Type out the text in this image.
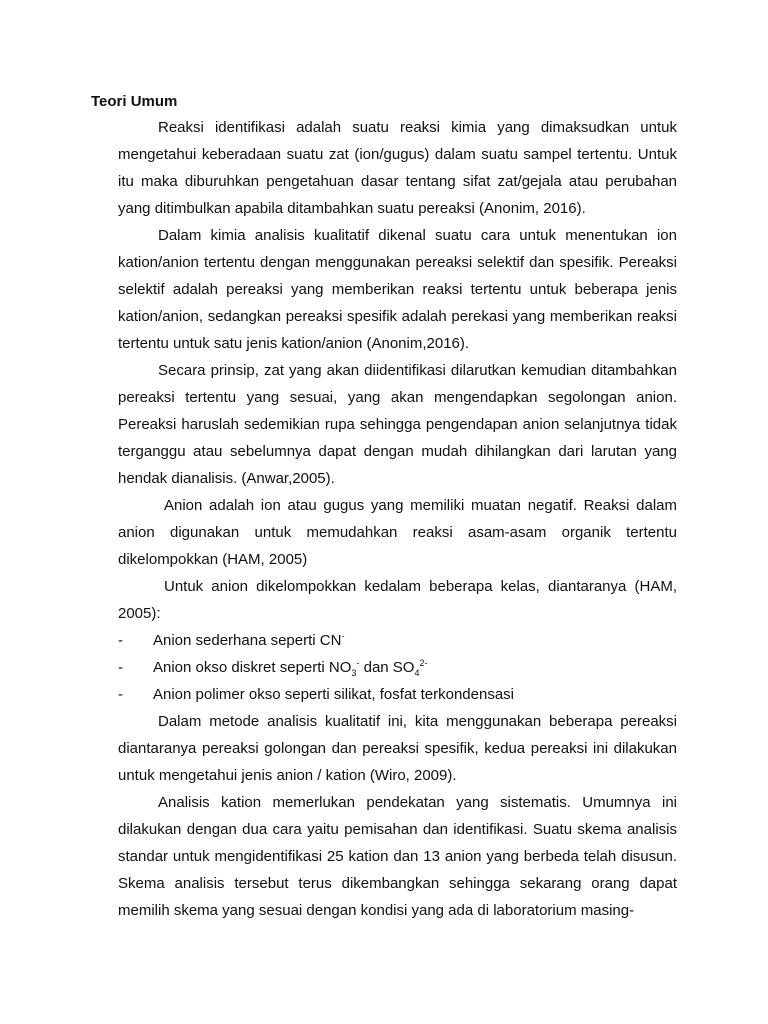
Teori Umum

Reaksi identifikasi adalah suatu reaksi kimia yang dimaksudkan untuk mengetahui keberadaan suatu zat (ion/gugus) dalam suatu sampel tertentu. Untuk itu maka diburuhkan pengetahuan dasar tentang sifat zat/gejala atau perubahan yang ditimbulkan apabila ditambahkan suatu pereaksi (Anonim, 2016).

Dalam kimia analisis kualitatif dikenal suatu cara untuk menentukan ion kation/anion tertentu dengan menggunakan pereaksi selektif dan spesifik. Pereaksi selektif adalah pereaksi yang memberikan reaksi tertentu untuk beberapa jenis kation/anion, sedangkan pereaksi spesifik adalah perekasi yang memberikan reaksi tertentu untuk satu jenis kation/anion (Anonim,2016).

Secara prinsip, zat yang akan diidentifikasi dilarutkan kemudian ditambahkan pereaksi tertentu yang sesuai, yang akan mengendapkan segolongan anion. Pereaksi haruslah sedemikian rupa sehingga pengendapan anion selanjutnya tidak terganggu atau sebelumnya dapat dengan mudah dihilangkan dari larutan yang hendak dianalisis. (Anwar,2005).

Anion adalah ion atau gugus yang memiliki muatan negatif. Reaksi dalam anion digunakan untuk memudahkan reaksi asam-asam organik tertentu dikelompokkan (HAM, 2005)

Untuk anion dikelompokkan kedalam beberapa kelas, diantaranya (HAM, 2005):

-	Anion sederhana seperti CN-
-	Anion okso diskret seperti $NO_3^-$ dan $SO_4^{2-}$
-	Anion polimer okso seperti silikat, fosfat terkondensasi

Dalam metode analisis kualitatif ini, kita menggunakan beberapa pereaksi diantaranya pereaksi golongan dan pereaksi spesifik, kedua pereaksi ini dilakukan untuk mengetahui jenis anion / kation (Wiro, 2009).

Analisis kation memerlukan pendekatan yang sistematis. Umumnya ini dilakukan dengan dua cara yaitu pemisahan dan identifikasi. Suatu skema analisis standar untuk mengidentifikasi 25 kation dan 13 anion yang berbeda telah disusun. Skema analisis tersebut terus dikembangkan sehingga sekarang orang dapat memilih skema yang sesuai dengan kondisi yang ada di laboratorium masing-
